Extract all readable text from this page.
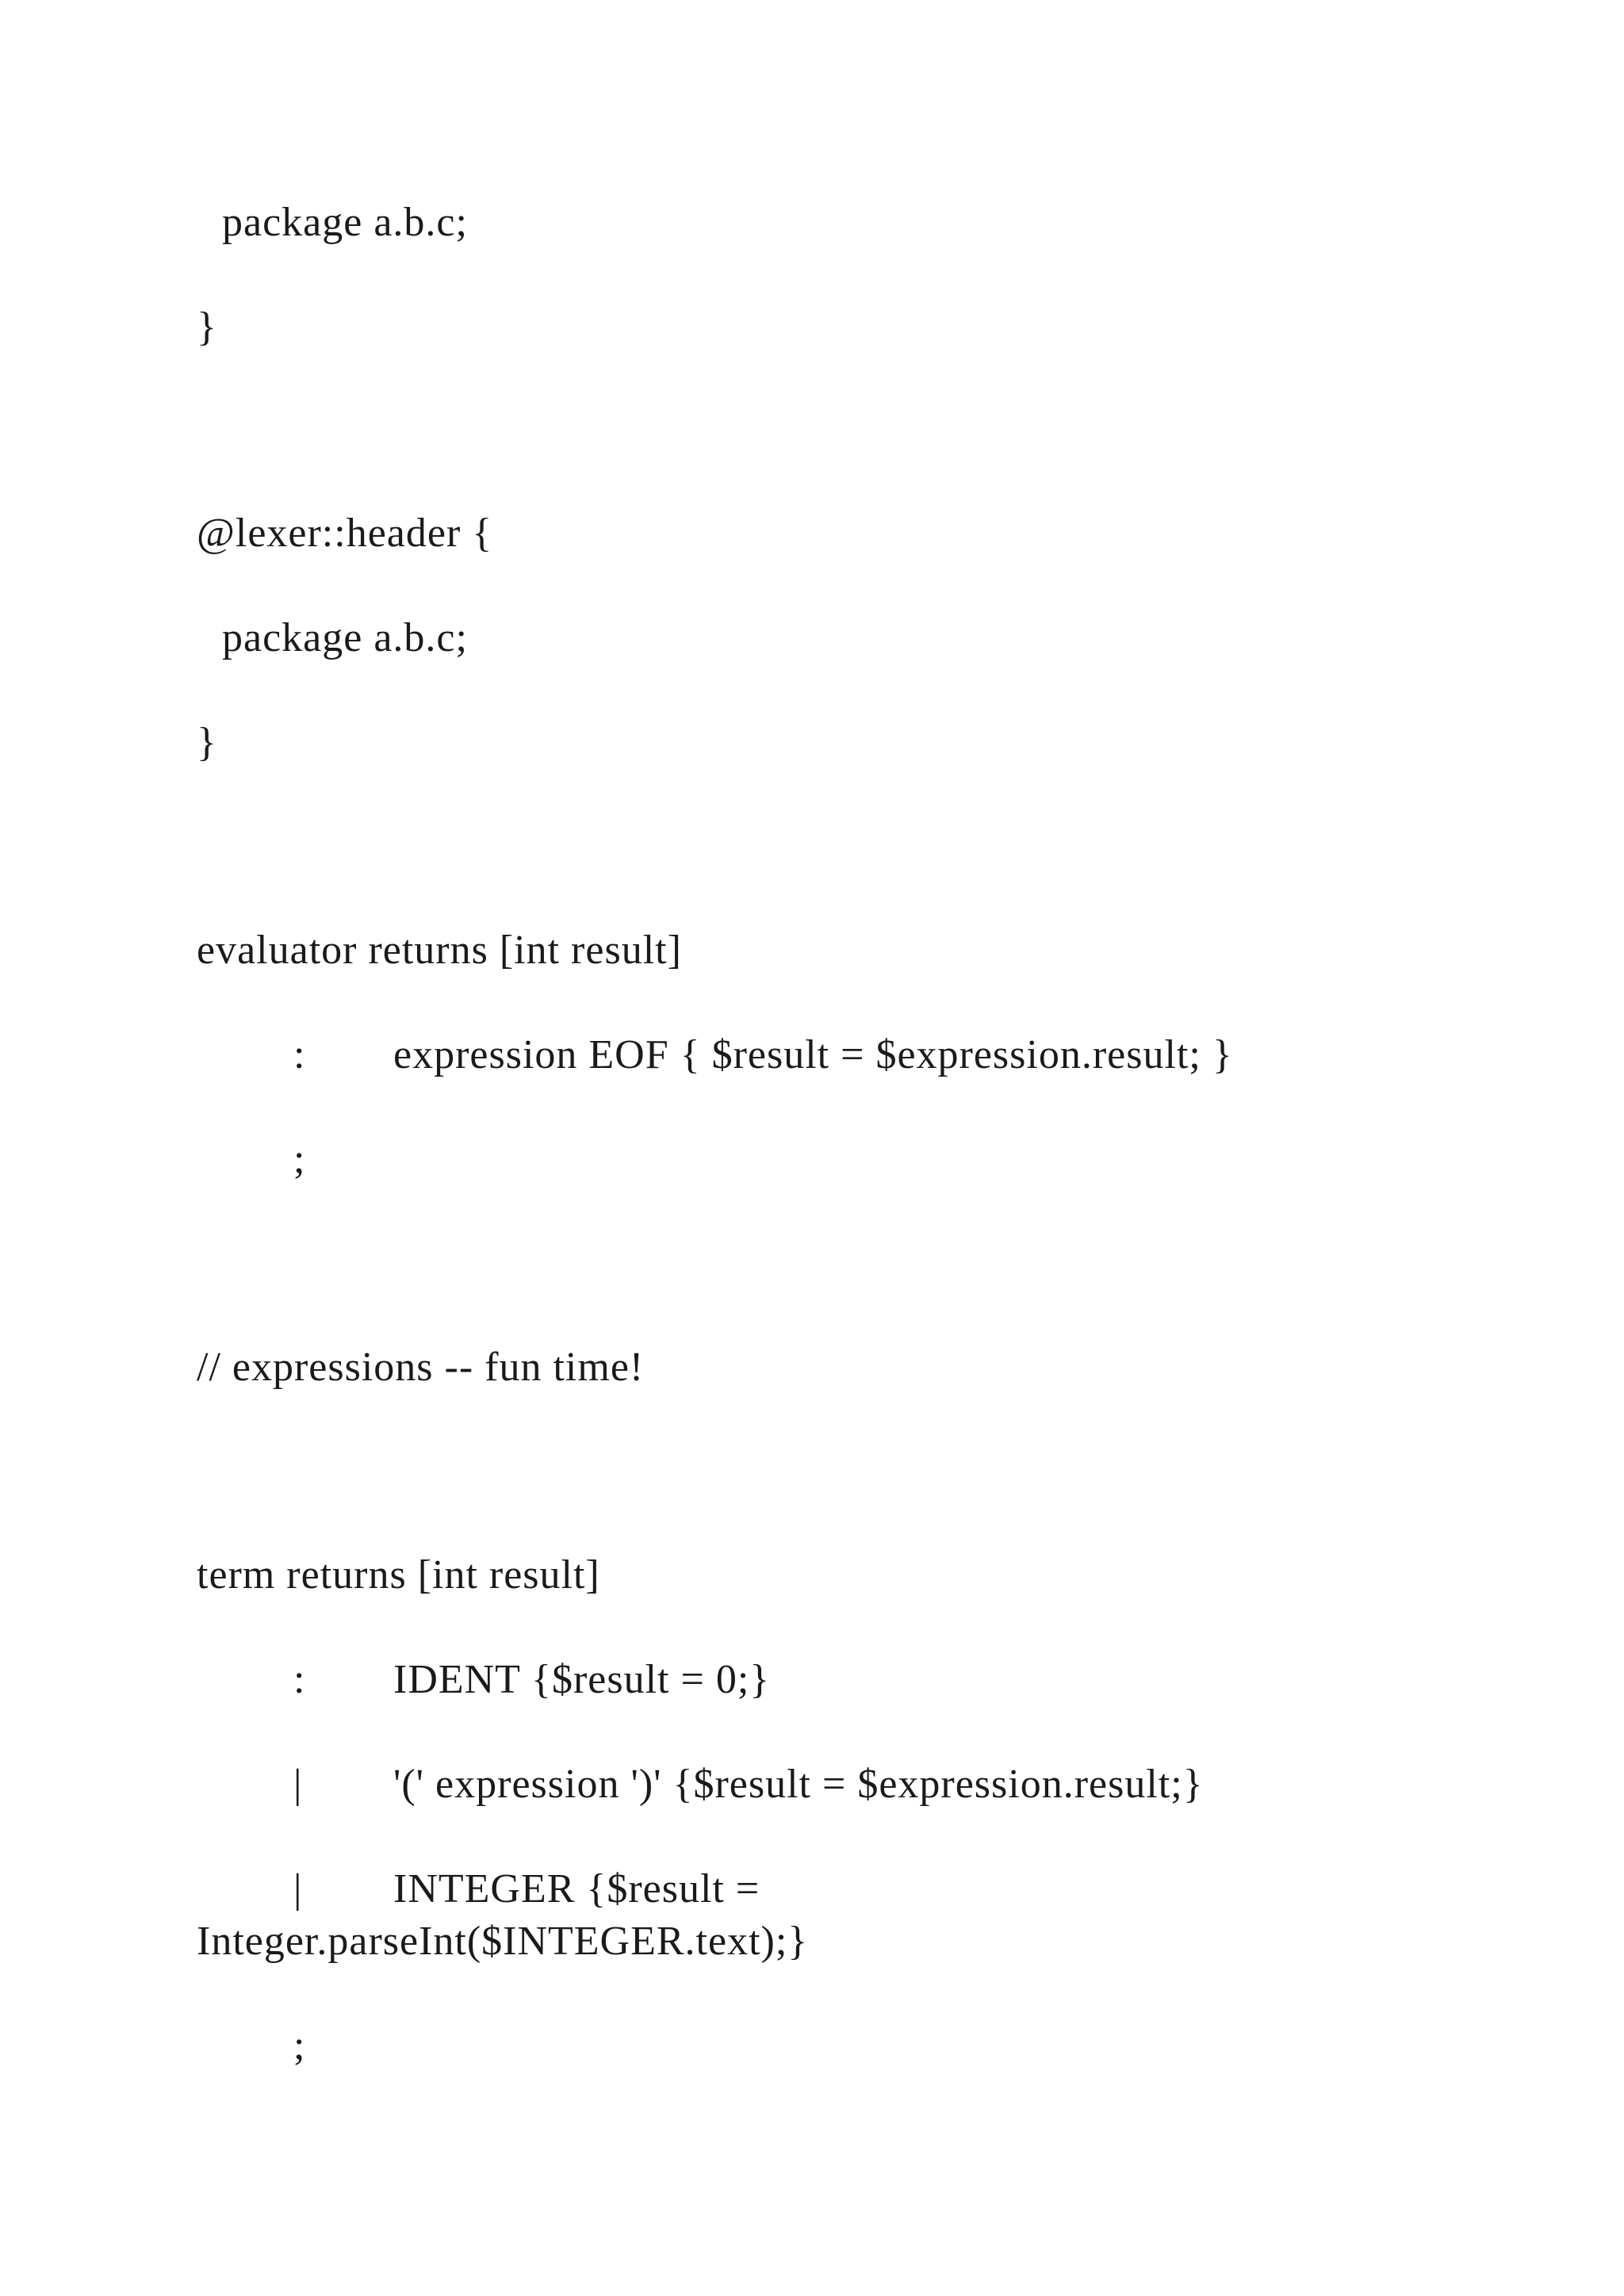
package a.b.c;
}
@lexer::header {
package a.b.c;
}
evaluator returns [int result]
: expression EOF { $result = $expression.result; }
;
// expressions -- fun time!
term returns [int result]
: IDENT {$result = 0;}
| '(' expression ')' {$result = $expression.result;}
| INTEGER {$result =
Integer.parseInt($INTEGER.text);}
;
